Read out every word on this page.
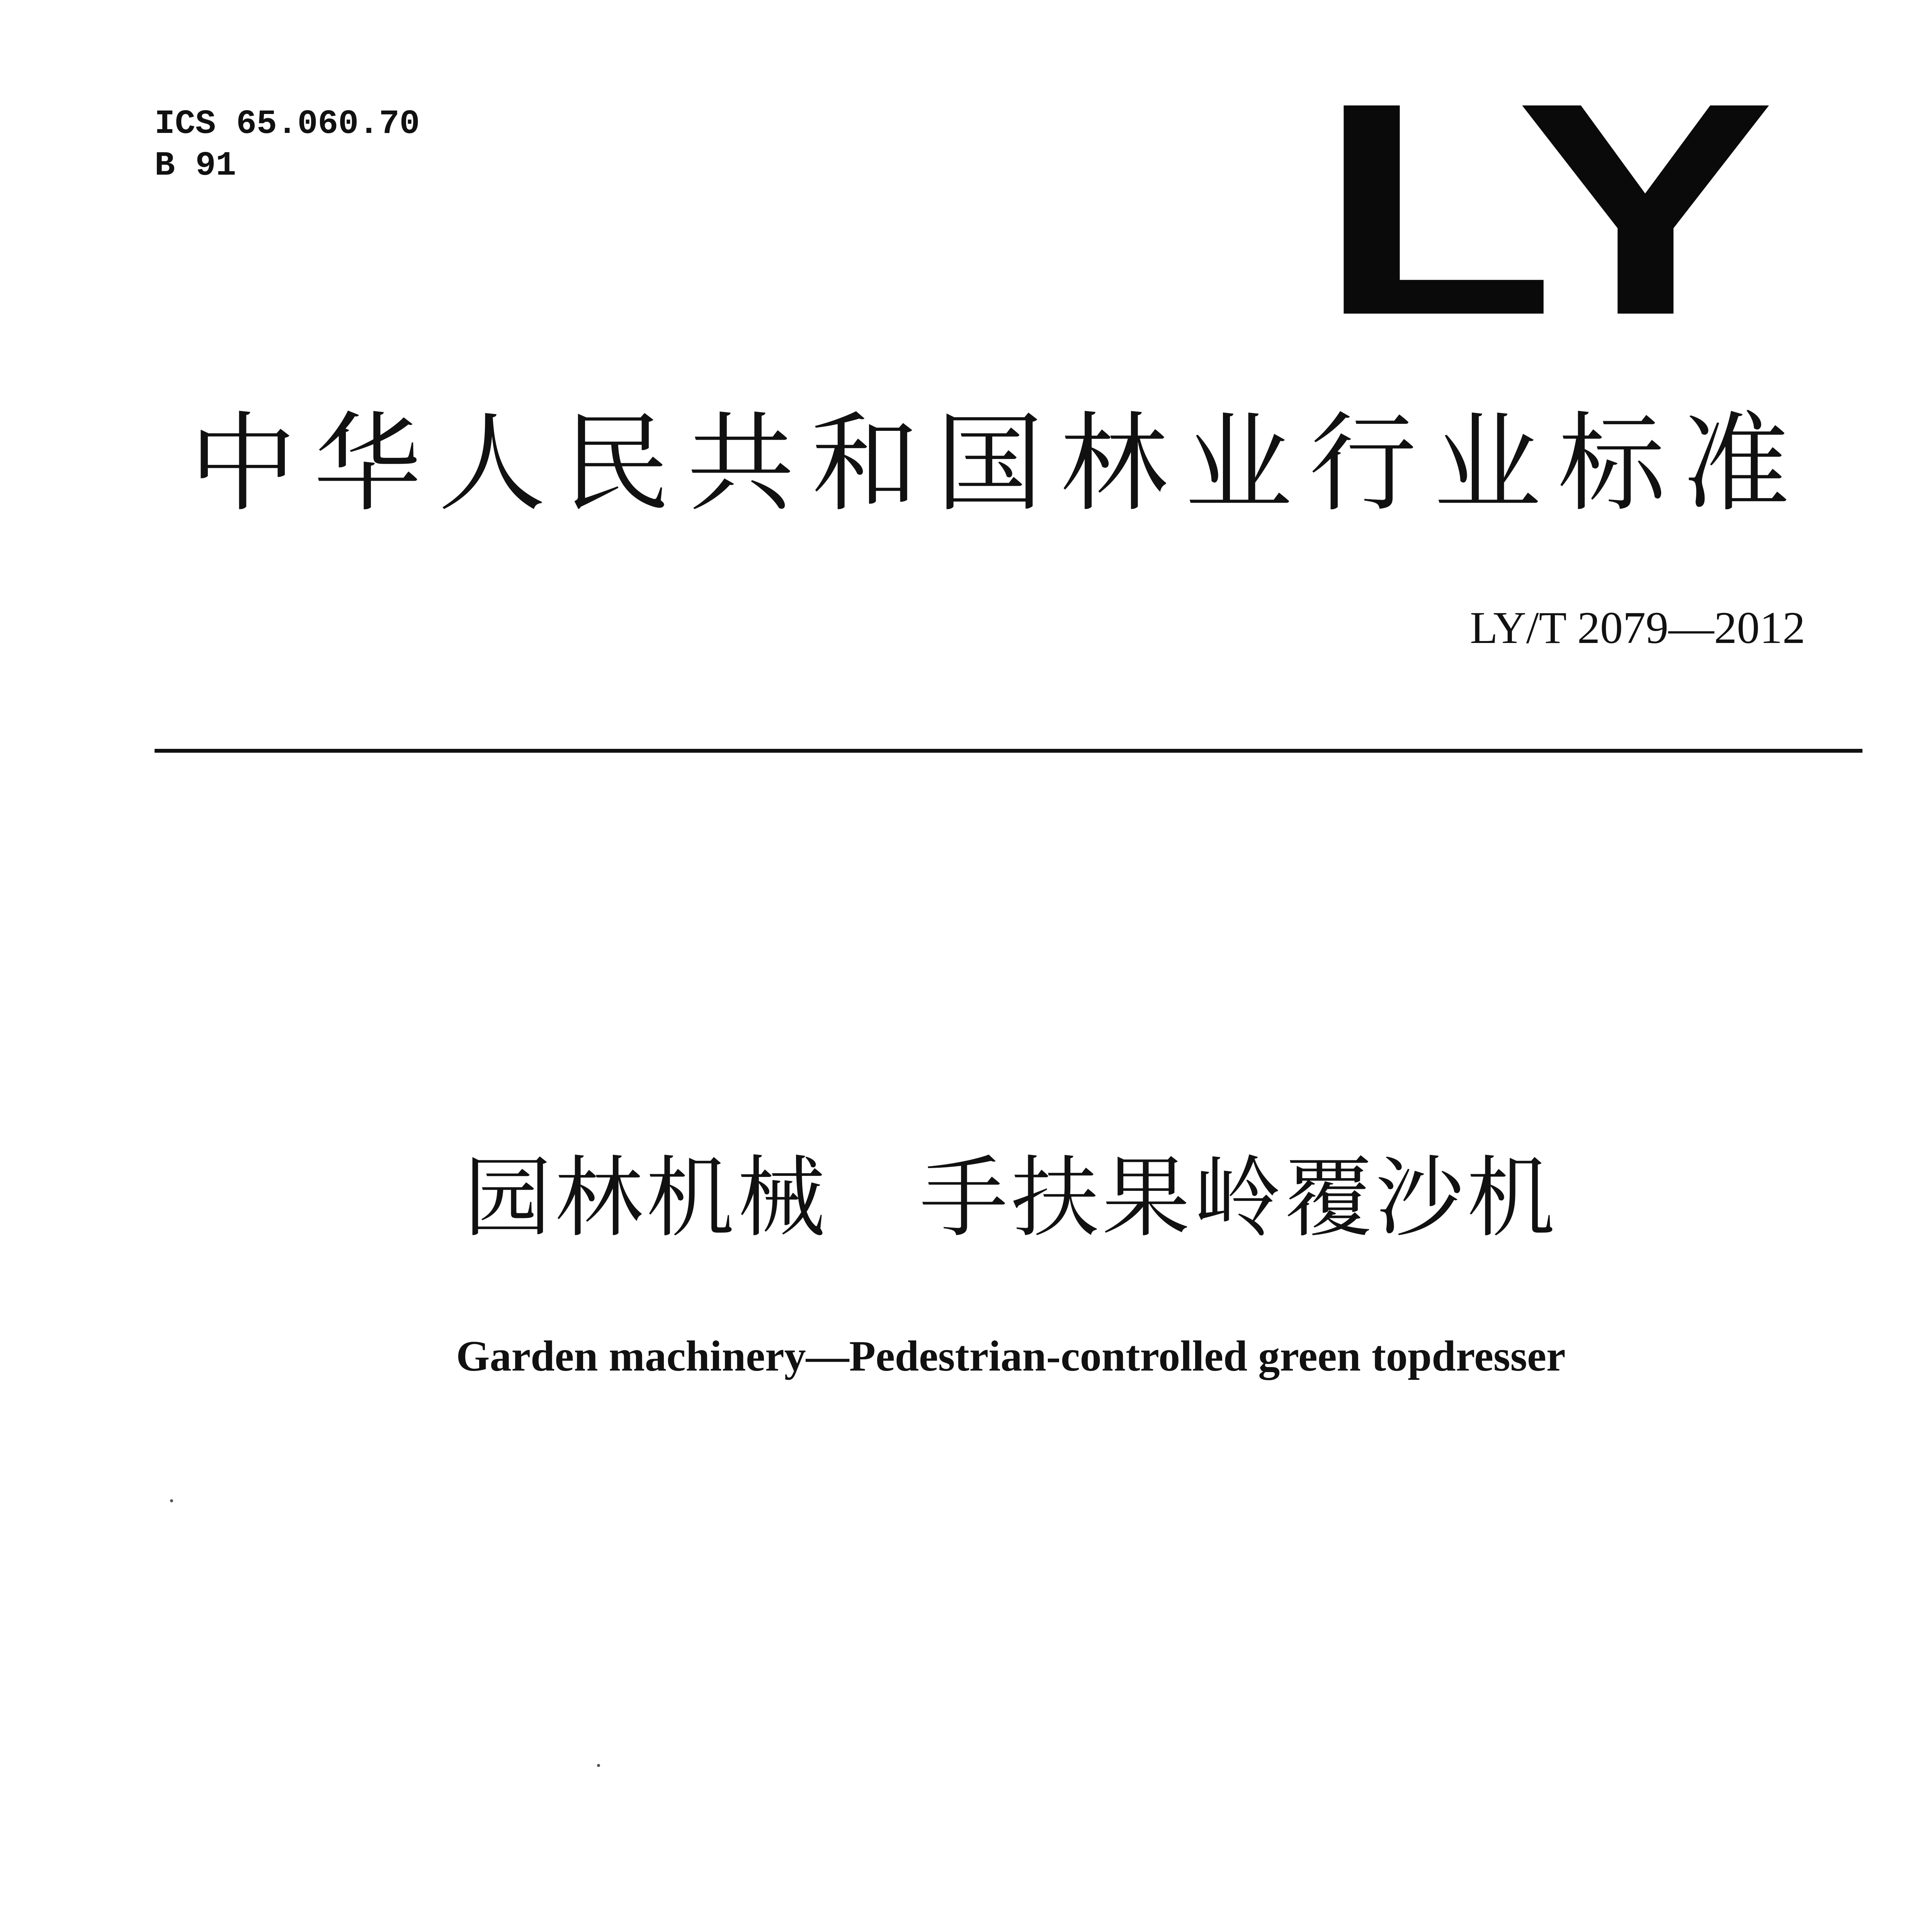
ICS 65.060.70
B 91	LY
中华人民共和国林业行业标准
LY/T 2079—2012
园林机械　手扶果岭覆沙机
Garden machinery—Pedestrian-controlled green topdresser
